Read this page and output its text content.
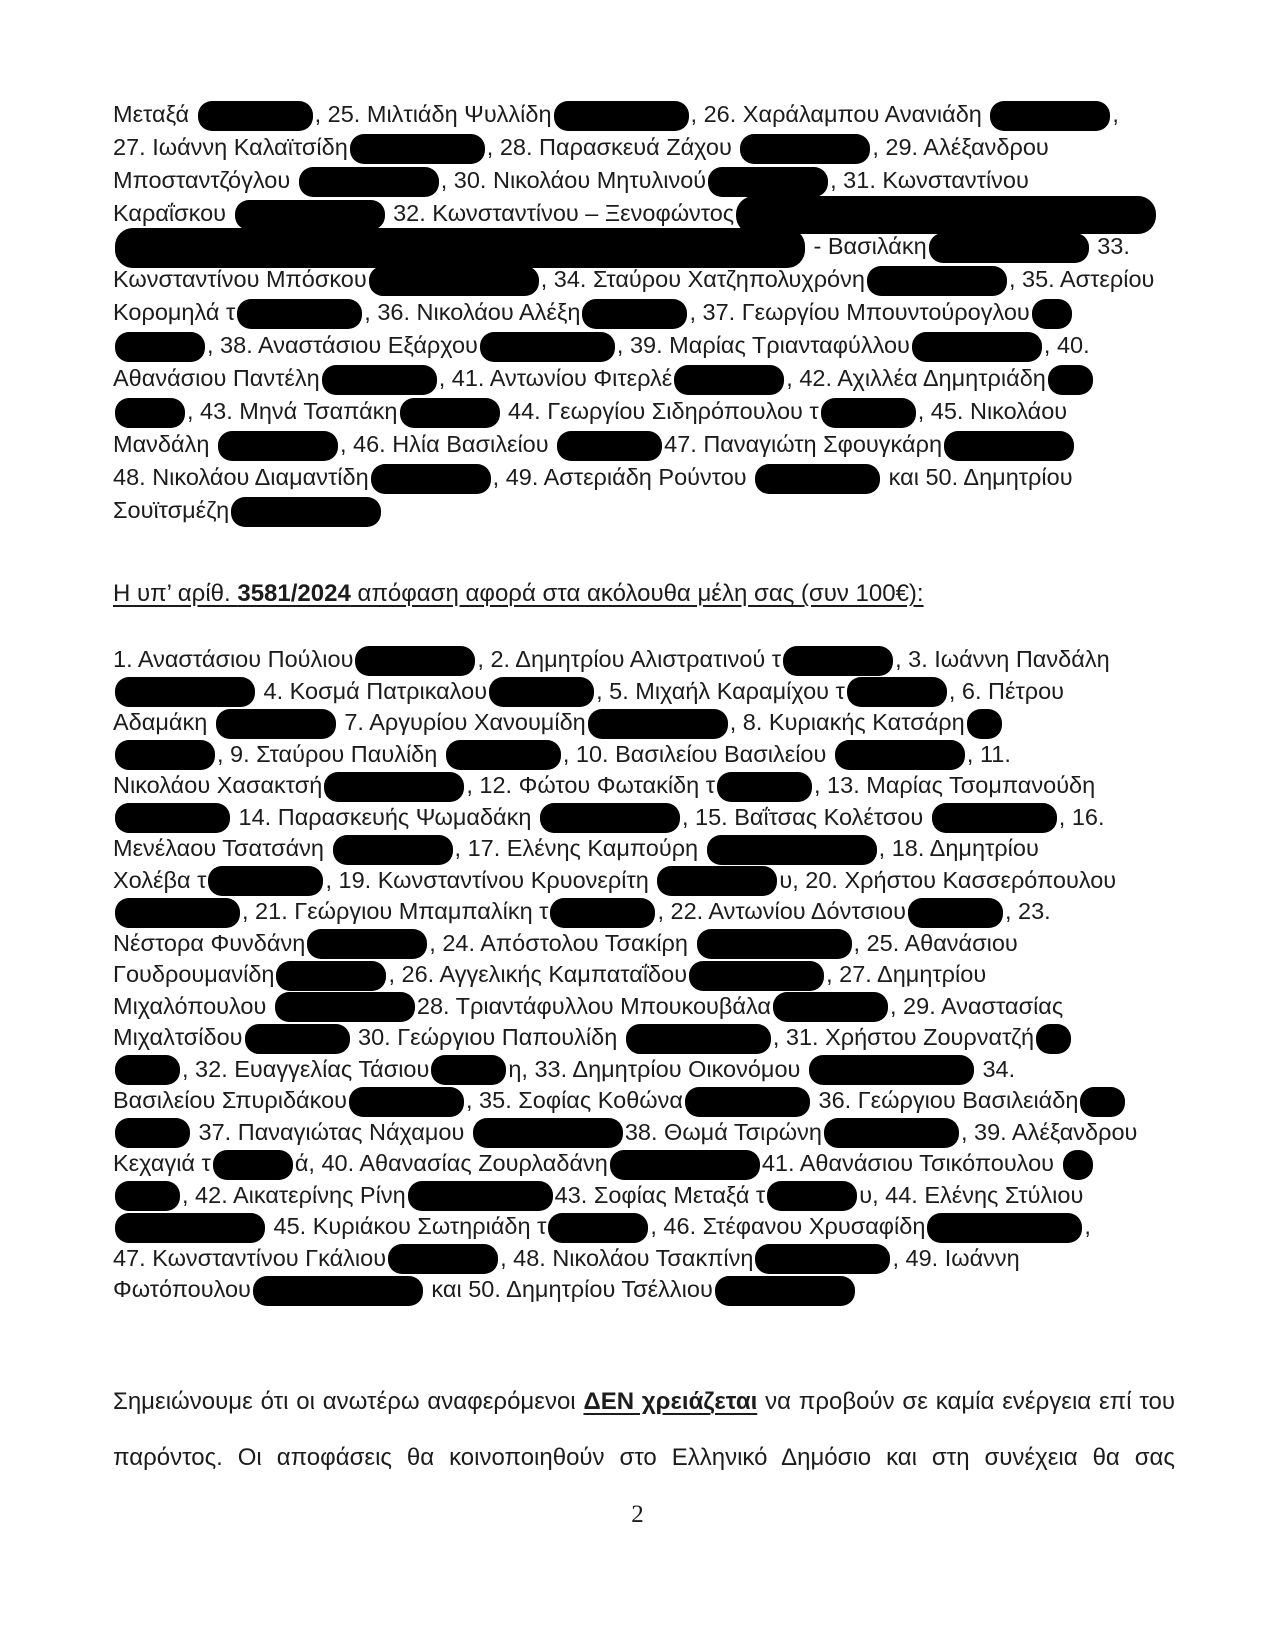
Μεταξά	, 25. Μιλτιάδη Ψυλλίδη	, 26. Χαράλαμπου Ανανιάδη	,
27. Ιωάννη Καλαϊτσίδη	, 28. Παρασκευά Ζάχου	, 29. Αλέξανδρου
Μποσταντζόγλου	, 30. Νικολάου Μητυλινού	, 31. Κωνσταντίνου
Καραΐσκου	32. Κωνσταντίνου – Ξενοφώντος
- Βασιλάκη	33.
Κωνσταντίνου Μπόσκου	, 34. Σταύρου Χατζηπολυχρόνη	, 35. Αστερίου
Κορομηλά τ	, 36. Νικολάου Αλέξη	, 37. Γεωργίου Μπουντούρογλου
, 38. Αναστάσιου Εξάρχου	, 39. Μαρίας Τριανταφύλλου	, 40.
Αθανάσιου Παντέλη	, 41. Αντωνίου Φιτερλέ	, 42. Αχιλλέα Δημητριάδη
, 43. Μηνά Τσαπάκη	44. Γεωργίου Σιδηρόπουλου τ	, 45. Νικολάου
Μανδάλη	, 46. Ηλία Βασιλείου	47. Παναγιώτη Σφουγκάρη
48. Νικολάου Διαμαντίδη	, 49. Αστεριάδη Ρούντου	και 50. Δημητρίου
Σουϊτσμέζη
Η υπ’ αρίθ. 3581/2024 απόφαση αφορά στα ακόλουθα μέλη σας (συν 100€):
1. Αναστάσιου Πούλιου	, 2. Δημητρίου Αλιστρατινού τ	, 3. Ιωάννη Πανδάλη
4. Κοσμά Πατρικαλου	, 5. Μιχαήλ Καραμίχου τ	, 6. Πέτρου
Αδαμάκη	7. Αργυρίου Χανουμίδη	, 8. Κυριακής Κατσάρη
, 9. Σταύρου Παυλίδη	, 10. Βασιλείου Βασιλείου	, 11.
Νικολάου Χασακτσή	, 12. Φώτου Φωτακίδη τ	, 13. Μαρίας Τσομπανούδη
14. Παρασκευής Ψωμαδάκη	, 15. Βαΐτσας Κολέτσου	, 16.
Μενέλαου Τσατσάνη	, 17. Ελένης Καμπούρη	, 18. Δημητρίου
Χολέβα τ	, 19. Κωνσταντίνου Κρυονερίτη	υ, 20. Χρήστου Κασσερόπουλου
, 21. Γεώργιου Μπαμπαλίκη τ	, 22. Αντωνίου Δόντσιου	, 23.
Νέστορα Φυνδάνη	, 24. Απόστολου Τσακίρη	, 25. Αθανάσιου
Γουδρουμανίδη	, 26. Αγγελικής Καμπαταΐδου	, 27. Δημητρίου
Μιχαλόπουλου	28. Τριαντάφυλλου Μπουκουβάλα	, 29. Αναστασίας
Μιχαλτσίδου	30. Γεώργιου Παπουλίδη	, 31. Χρήστου Ζουρνατζή
, 32. Ευαγγελίας Τάσιου	η, 33. Δημητρίου Οικονόμου	34.
Βασιλείου Σπυριδάκου	, 35. Σοφίας Κοθώνα	36. Γεώργιου Βασιλειάδη
37. Παναγιώτας Νάχαμου	38. Θωμά Τσιρώνη	, 39. Αλέξανδρου
Κεχαγιά τ	ά, 40. Αθανασίας Ζουρλαδάνη	41. Αθανάσιου Τσικόπουλου
, 42. Αικατερίνης Ρίνη	43. Σοφίας Μεταξά τ	υ, 44. Ελένης Στύλιου
45. Κυριάκου Σωτηριάδη τ	, 46. Στέφανου Χρυσαφίδη	,
47. Κωνσταντίνου Γκάλιου	, 48. Νικολάου Τσακπίνη	, 49. Ιωάννη
Φωτόπουλου	και 50. Δημητρίου Τσέλλιου
Σημειώνουμε ότι οι ανωτέρω αναφερόμενοι ΔΕΝ χρειάζεται να προβούν σε καμία ενέργεια επί του
παρόντος. Οι αποφάσεις θα κοινοποιηθούν στο Ελληνικό Δημόσιο και στη συνέχεια θα σας
2
